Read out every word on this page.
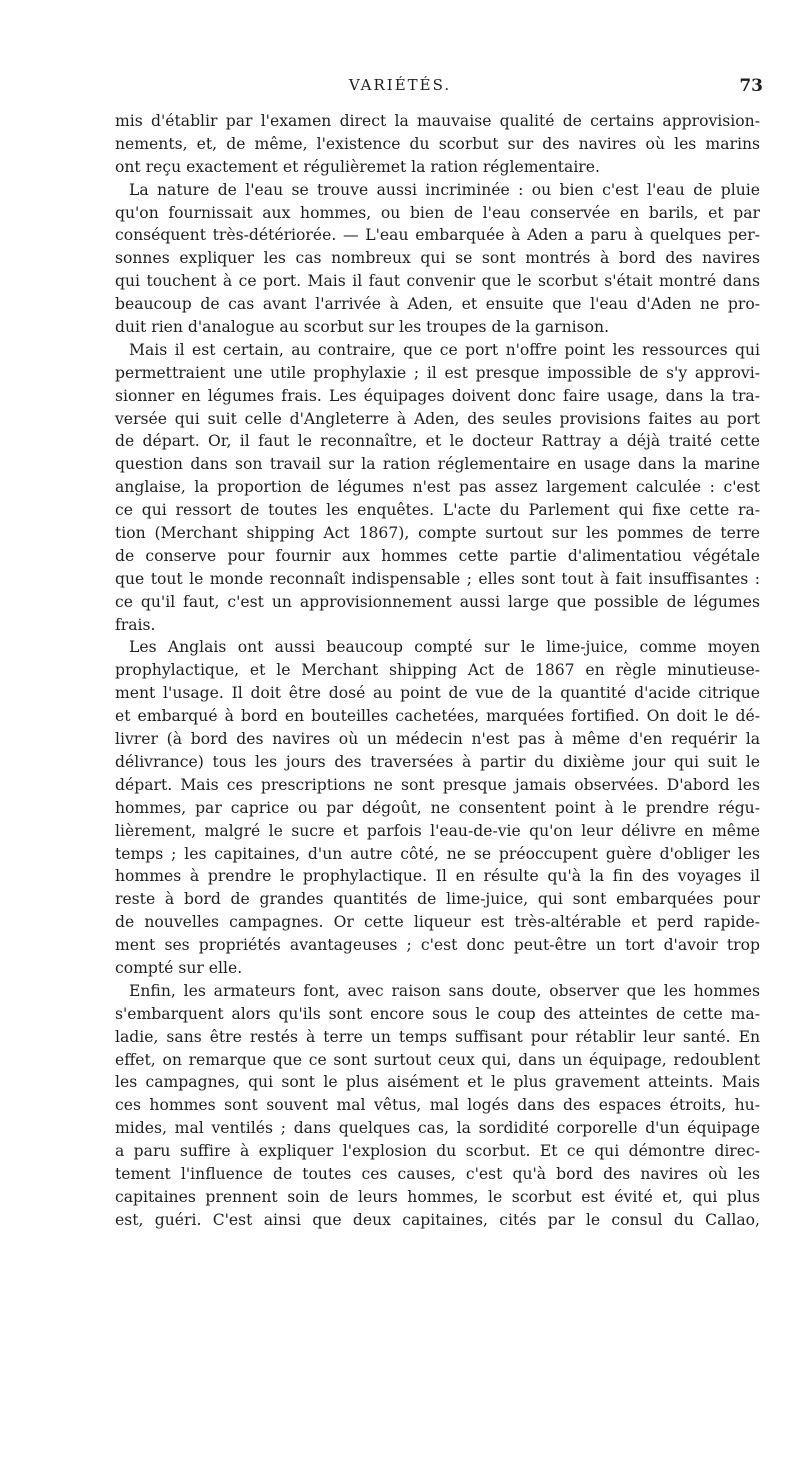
VARIÉTÉS.	73
mis d'établir par l'examen direct la mauvaise qualité de certains approvision-
nements, et, de même, l'existence du scorbut sur des navires où les marins
ont reçu exactement et régulièremet la ration réglementaire.
La nature de l'eau se trouve aussi incriminée : ou bien c'est l'eau de pluie
qu'on fournissait aux hommes, ou bien de l'eau conservée en barils, et par
conséquent très-détériorée. — L'eau embarquée à Aden a paru à quelques per-
sonnes expliquer les cas nombreux qui se sont montrés à bord des navires
qui touchent à ce port. Mais il faut convenir que le scorbut s'était montré dans
beaucoup de cas avant l'arrivée à Aden, et ensuite que l'eau d'Aden ne pro-
duit rien d'analogue au scorbut sur les troupes de la garnison.
Mais il est certain, au contraire, que ce port n'offre point les ressources qui
permettraient une utile prophylaxie ; il est presque impossible de s'y approvi-
sionner en légumes frais. Les équipages doivent donc faire usage, dans la tra-
versée qui suit celle d'Angleterre à Aden, des seules provisions faites au port
de départ. Or, il faut le reconnaître, et le docteur Rattray a déjà traité cette
question dans son travail sur la ration réglementaire en usage dans la marine
anglaise, la proportion de légumes n'est pas assez largement calculée : c'est
ce qui ressort de toutes les enquêtes. L'acte du Parlement qui fixe cette ra-
tion (Merchant shipping Act 1867), compte surtout sur les pommes de terre
de conserve pour fournir aux hommes cette partie d'alimentatiou végétale
que tout le monde reconnaît indispensable ; elles sont tout à fait insuffisantes :
ce qu'il faut, c'est un approvisionnement aussi large que possible de légumes
frais.
Les Anglais ont aussi beaucoup compté sur le lime-juice, comme moyen
prophylactique, et le Merchant shipping Act de 1867 en règle minutieuse-
ment l'usage. Il doit être dosé au point de vue de la quantité d'acide citrique
et embarqué à bord en bouteilles cachetées, marquées fortified. On doit le dé-
livrer (à bord des navires où un médecin n'est pas à même d'en requérir la
délivrance) tous les jours des traversées à partir du dixième jour qui suit le
départ. Mais ces prescriptions ne sont presque jamais observées. D'abord les
hommes, par caprice ou par dégoût, ne consentent point à le prendre régu-
lièrement, malgré le sucre et parfois l'eau-de-vie qu'on leur délivre en même
temps ; les capitaines, d'un autre côté, ne se préoccupent guère d'obliger les
hommes à prendre le prophylactique. Il en résulte qu'à la fin des voyages il
reste à bord de grandes quantités de lime-juice, qui sont embarquées pour
de nouvelles campagnes. Or cette liqueur est très-altérable et perd rapide-
ment ses propriétés avantageuses ; c'est donc peut-être un tort d'avoir trop
compté sur elle.
Enfin, les armateurs font, avec raison sans doute, observer que les hommes
s'embarquent alors qu'ils sont encore sous le coup des atteintes de cette ma-
ladie, sans être restés à terre un temps suffisant pour rétablir leur santé. En
effet, on remarque que ce sont surtout ceux qui, dans un équipage, redoublent
les campagnes, qui sont le plus aisément et le plus gravement atteints. Mais
ces hommes sont souvent mal vêtus, mal logés dans des espaces étroits, hu-
mides, mal ventilés ; dans quelques cas, la sordidité corporelle d'un équipage
a paru suffire à expliquer l'explosion du scorbut. Et ce qui démontre direc-
tement l'influence de toutes ces causes, c'est qu'à bord des navires où les
capitaines prennent soin de leurs hommes, le scorbut est évité et, qui plus
est, guéri. C'est ainsi que deux capitaines, cités par le consul du Callao,
